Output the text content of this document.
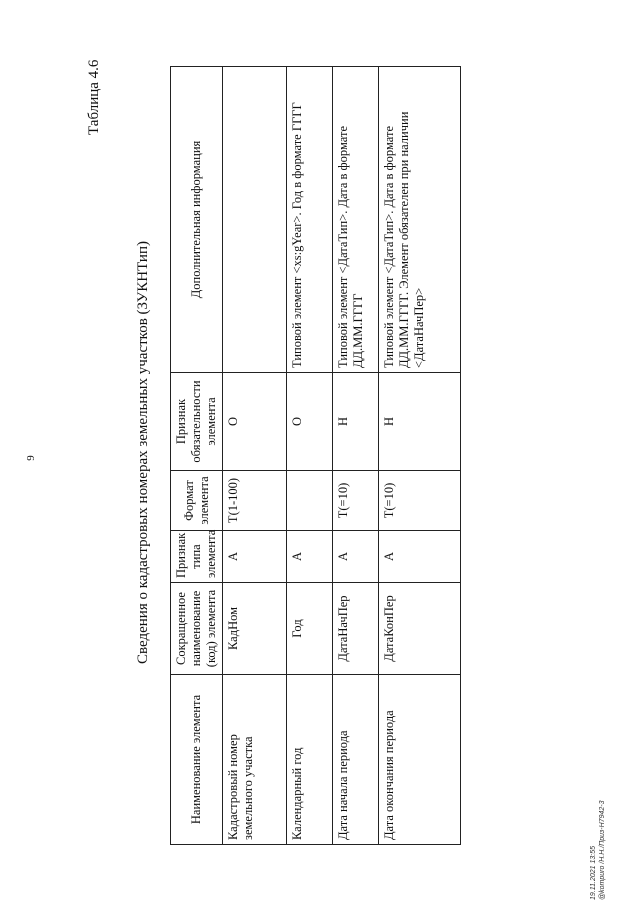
9
Таблица 4.6
Сведения о кадастровых номерах земельных участков (ЗУКНТип)
Наименование элемента	Сокращенное наименование (код) элемента	Признак типа элемента	Формат элемента	Признак обязательности элемента	Дополнительная информация
Кадастровый номер земельного участка	КадНом	А	T(1-100)	О	
Календарный год	Год	А		О	Типовой элемент <xs:gYear>. Год в формате ГГГГ
Дата начала периода	ДатаНачПер	А	T(=10)	Н	Типовой элемент <ДатаТип>. Дата в формате ДД.ММ.ГГГГ
Дата окончания периода	ДатаКонПер	А	T(=10)	Н	Типовой элемент <ДатаТип>. Дата в формате ДД.ММ.ГГГГ. Элемент обязателен при наличии <ДатаНачПер>
19.11.2021 13:55 @kompuro /Н.Н./Приз-Н7942-3
